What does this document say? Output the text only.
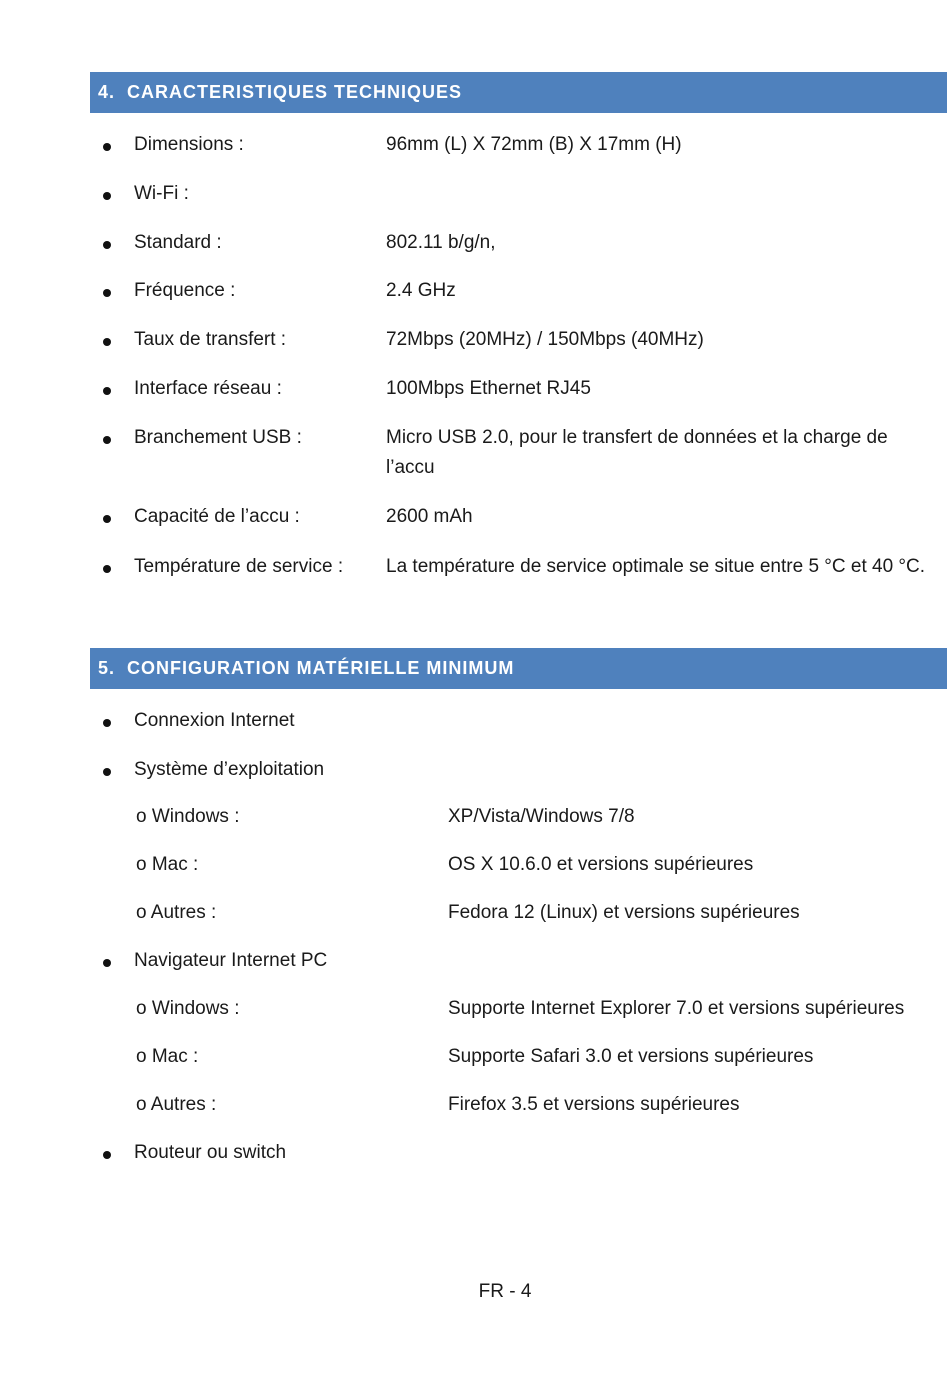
4. CARACTERISTIQUES TECHNIQUES
Dimensions :	96mm (L) X 72mm (B) X 17mm (H)
Wi-Fi :
Standard :	802.11 b/g/n,
Fréquence :	2.4 GHz
Taux de transfert :	72Mbps (20MHz) / 150Mbps (40MHz)
Interface réseau :	100Mbps Ethernet RJ45
Branchement USB :	Micro USB 2.0, pour le transfert de données et la charge de l’accu
Capacité de l’accu :	2600 mAh
Température de service : La température de service optimale se situe entre 5 °C et 40 °C.
5. CONFIGURATION MATÉRIELLE MINIMUM
Connexion Internet
Système d’exploitation
o Windows :	XP/Vista/Windows 7/8
o Mac :	OS X 10.6.0 et versions supérieures
o Autres :	Fedora 12 (Linux) et versions supérieures
Navigateur Internet PC
o Windows :	Supporte Internet Explorer 7.0 et versions supérieures
o Mac :	Supporte Safari 3.0 et versions supérieures
o Autres :	Firefox 3.5 et versions supérieures
Routeur ou switch
FR - 4
